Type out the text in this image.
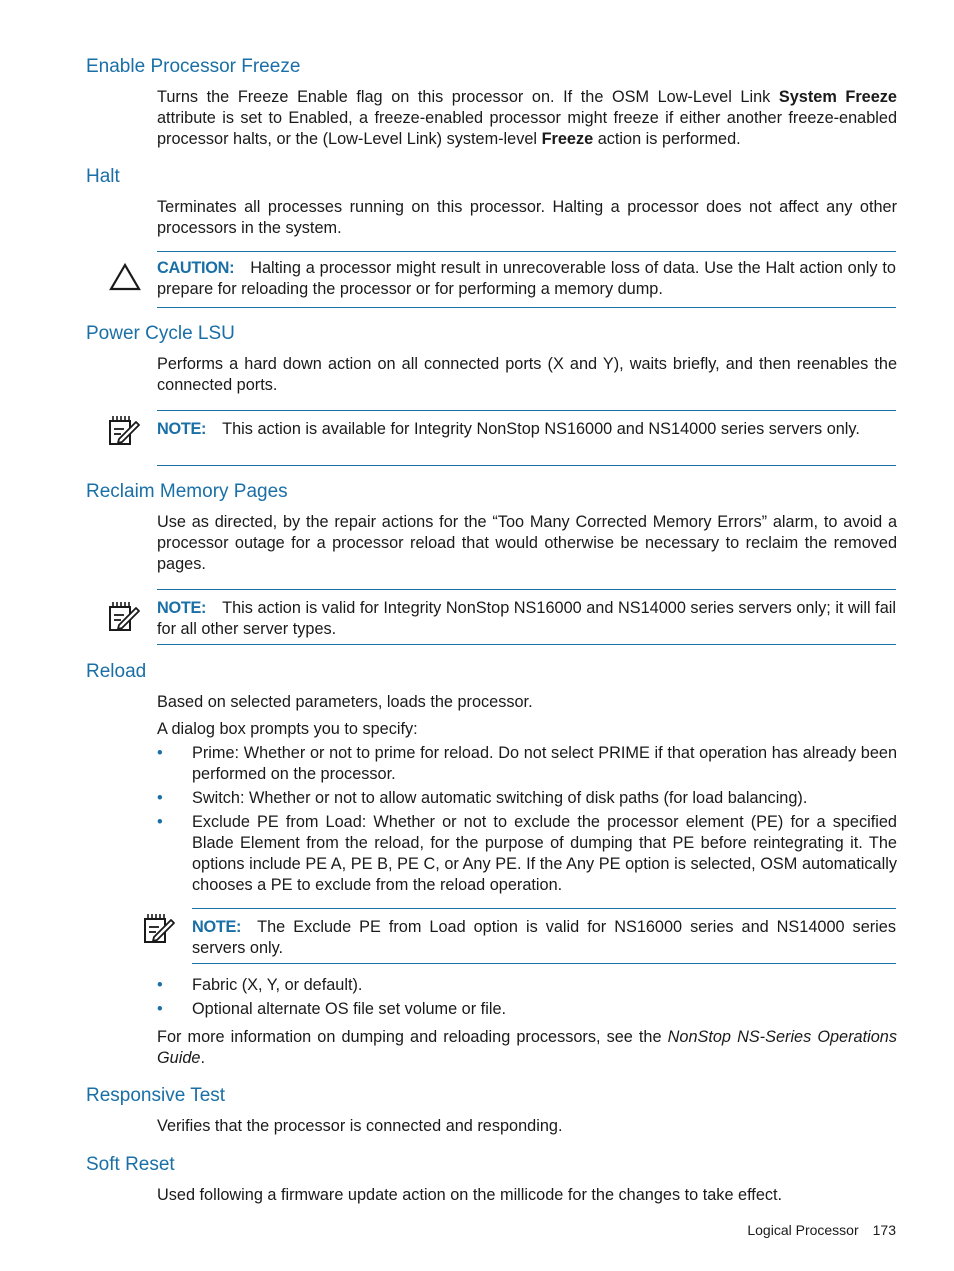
Enable Processor Freeze

Turns the Freeze Enable flag on this processor on. If the OSM Low-Level Link System Freeze attribute is set to Enabled, a freeze-enabled processor might freeze if either another freeze-enabled processor halts, or the (Low-Level Link) system-level Freeze action is performed.

Halt

Terminates all processes running on this processor. Halting a processor does not affect any other processors in the system.

CAUTION: Halting a processor might result in unrecoverable loss of data. Use the Halt action only to prepare for reloading the processor or for performing a memory dump.
Power Cycle LSU

Performs a hard down action on all connected ports (X and Y), waits briefly, and then reenables the connected ports.

NOTE: This action is available for Integrity NonStop NS16000 and NS14000 series servers only.
Reclaim Memory Pages

Use as directed, by the repair actions for the “Too Many Corrected Memory Errors” alarm, to avoid a processor outage for a processor reload that would otherwise be necessary to reclaim the removed pages.

NOTE: This action is valid for Integrity NonStop NS16000 and NS14000 series servers only; it will fail for all other server types.
Reload

Based on selected parameters, loads the processor.

A dialog box prompts you to specify:

• Prime: Whether or not to prime for reload. Do not select PRIME if that operation has already been performed on the processor.
• Switch: Whether or not to allow automatic switching of disk paths (for load balancing).
• Exclude PE from Load: Whether or not to exclude the processor element (PE) for a specified Blade Element from the reload, for the purpose of dumping that PE before reintegrating it. The options include PE A, PE B, PE C, or Any PE. If the Any PE option is selected, OSM automatically chooses a PE to exclude from the reload operation.
NOTE: The Exclude PE from Load option is valid for NS16000 series and NS14000 series servers only.
• Fabric (X, Y, or default).
• Optional alternate OS file set volume or file.

For more information on dumping and reloading processors, see the NonStop NS-Series Operations Guide.

Responsive Test

Verifies that the processor is connected and responding.

Soft Reset

Used following a firmware update action on the millicode for the changes to take effect.

Logical Processor 173
